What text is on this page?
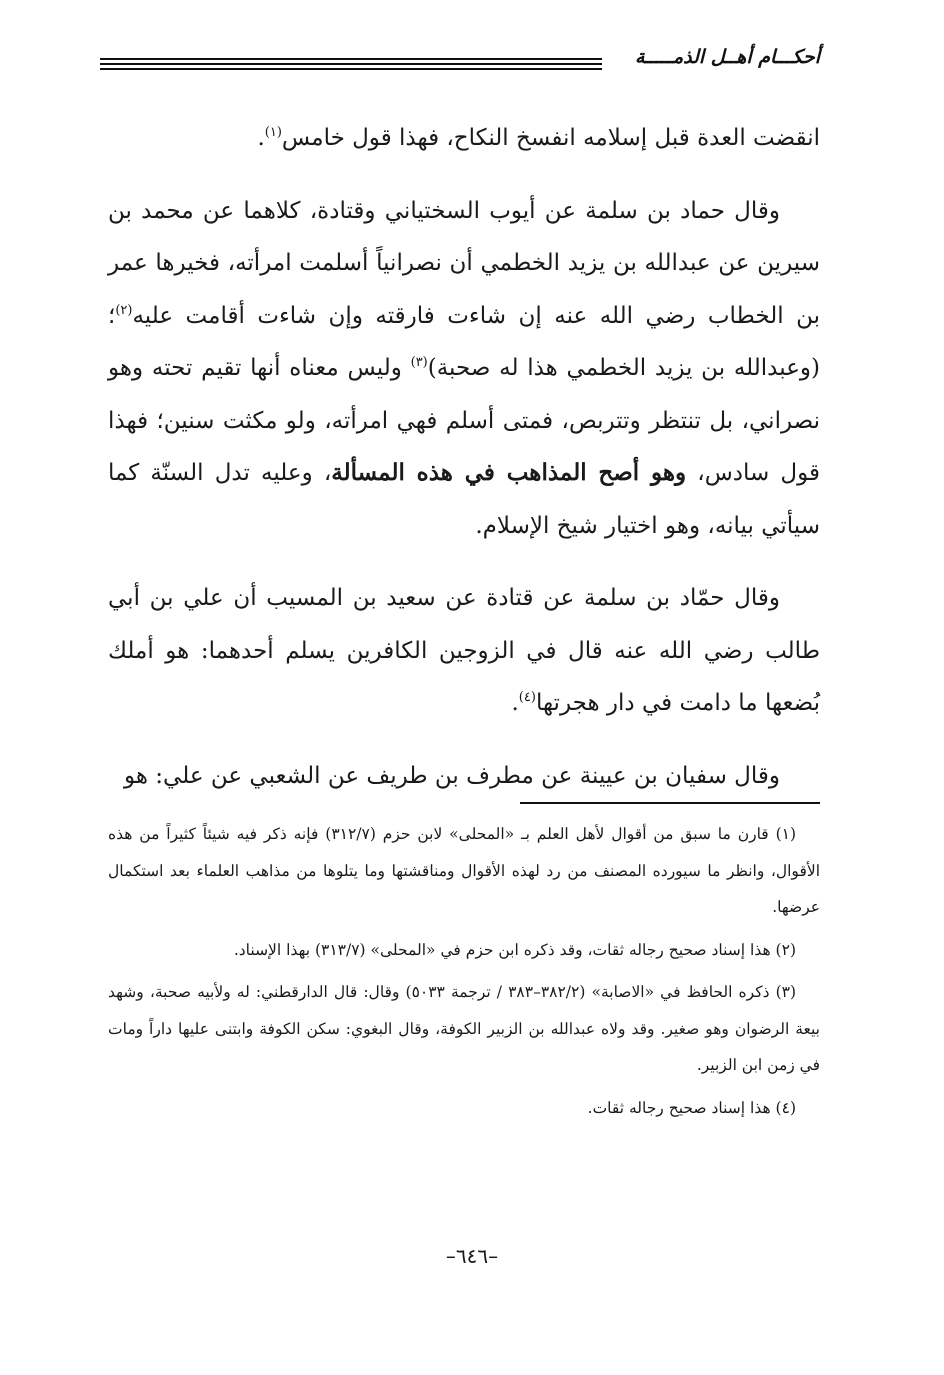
أحكـــام أهــل الذمـــــة

انقضت العدة قبل إسلامه انفسخ النكاح، فهذا قول خامس$^{(١)}$.

وقال حماد بن سلمة عن أيوب السختياني وقتادة، كلاهما عن محمد بن سيرين عن عبدالله بن يزيد الخطمي أن نصرانياً أسلمت امرأته، فخيرها عمر بن الخطاب رضي الله عنه إن شاءت فارقته وإن شاءت أقامت عليه$^{(٢)}$؛ (وعبدالله بن يزيد الخطمي هذا له صحبة)$^{(٣)}$ وليس معناه أنها تقيم تحته وهو نصراني، بل تنتظر وتتربص، فمتى أسلم فهي امرأته، ولو مكثت سنين؛ فهذا قول سادس، وهو أصح المذاهب في هذه المسألة، وعليه تدل السنّة كما سيأتي بيانه، وهو اختيار شيخ الإسلام.

وقال حمّاد بن سلمة عن قتادة عن سعيد بن المسيب أن علي بن أبي طالب رضي الله عنه قال في الزوجين الكافرين يسلم أحدهما: هو أملك بُضعها ما دامت في دار هجرتها$^{(٤)}$.

وقال سفيان بن عيينة عن مطرف بن طريف عن الشعبي عن علي: هو

(١) قارن ما سبق من أقوال لأهل العلم بـ «المحلى» لابن حزم (٣١٢/٧) فإنه ذكر فيه شيئاً كثيراً من هذه الأقوال، وانظر ما سيورده المصنف من رد لهذه الأقوال ومناقشتها وما يتلوها من مذاهب العلماء بعد استكمال عرضها.

(٢) هذا إسناد صحيح رجاله ثقات، وقد ذكره ابن حزم في «المحلى» (٣١٣/٧) بهذا الإسناد.

(٣) ذكره الحافظ في «الاصابة» (٣٨٢/٢–٣٨٣ / ترجمة ٥٠٣٣) وقال: قال الدارقطني: له ولأبيه صحبة، وشهد بيعة الرضوان وهو صغير. وقد ولاه عبدالله بن الزبير الكوفة، وقال البغوي: سكن الكوفة وابتنى عليها داراً ومات في زمن ابن الزبير.

(٤) هذا إسناد صحيح رجاله ثقات.

–٦٤٦–
